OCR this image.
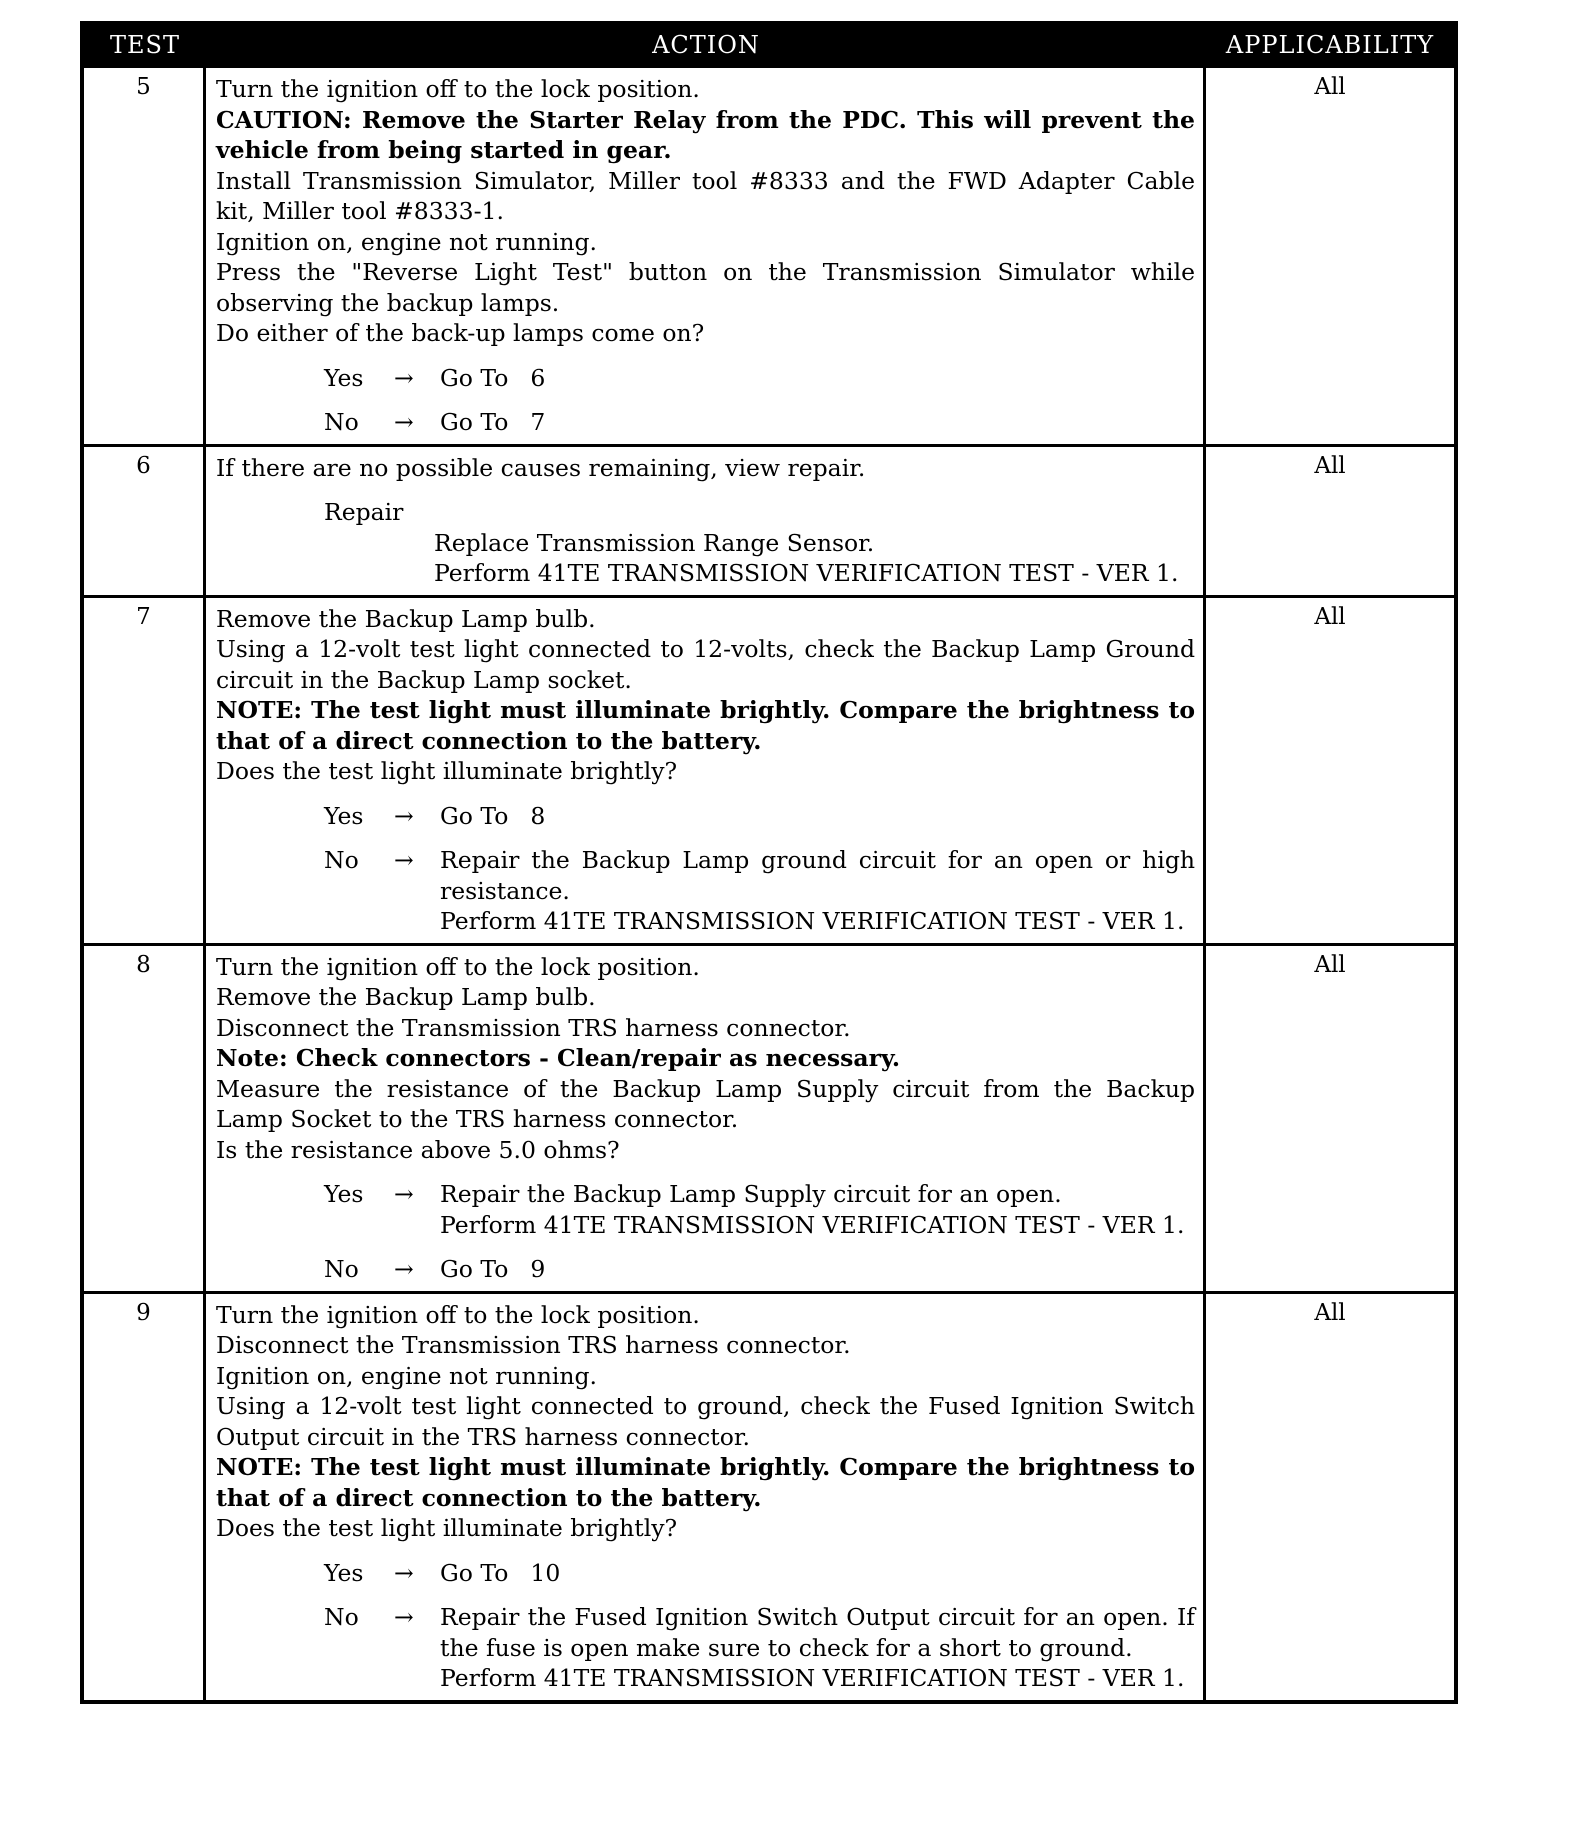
TEST	ACTION	APPLICABILITY
5	Turn the ignition off to the lock position.
CAUTION: Remove the Starter Relay from the PDC. This will prevent the vehicle from being started in gear.
Install Transmission Simulator, Miller tool #8333 and the FWD Adapter Cable kit, Miller tool #8333-1.
Ignition on, engine not running.
Press the "Reverse Light Test" button on the Transmission Simulator while observing the backup lamps.
Do either of the back-up lamps come on?
Yes	→	Go To 6
No	→	Go To 7
All
6	If there are no possible causes remaining, view repair.
Repair
Replace Transmission Range Sensor.
Perform 41TE TRANSMISSION VERIFICATION TEST - VER 1.
All
7	Remove the Backup Lamp bulb.
Using a 12-volt test light connected to 12-volts, check the Backup Lamp Ground circuit in the Backup Lamp socket.
NOTE: The test light must illuminate brightly. Compare the brightness to that of a direct connection to the battery.
Does the test light illuminate brightly?
Yes	→	Go To 8
No	→	Repair the Backup Lamp ground circuit for an open or high resistance.
Perform 41TE TRANSMISSION VERIFICATION TEST - VER 1.
All
8	Turn the ignition off to the lock position.
Remove the Backup Lamp bulb.
Disconnect the Transmission TRS harness connector.
Note: Check connectors - Clean/repair as necessary.
Measure the resistance of the Backup Lamp Supply circuit from the Backup Lamp Socket to the TRS harness connector.
Is the resistance above 5.0 ohms?
Yes	→	Repair the Backup Lamp Supply circuit for an open.
Perform 41TE TRANSMISSION VERIFICATION TEST - VER 1.
No	→	Go To 9
All
9	Turn the ignition off to the lock position.
Disconnect the Transmission TRS harness connector.
Ignition on, engine not running.
Using a 12-volt test light connected to ground, check the Fused Ignition Switch Output circuit in the TRS harness connector.
NOTE: The test light must illuminate brightly. Compare the brightness to that of a direct connection to the battery.
Does the test light illuminate brightly?
Yes	→	Go To 10
No	→	Repair the Fused Ignition Switch Output circuit for an open. If the fuse is open make sure to check for a short to ground.
Perform 41TE TRANSMISSION VERIFICATION TEST - VER 1.
All
